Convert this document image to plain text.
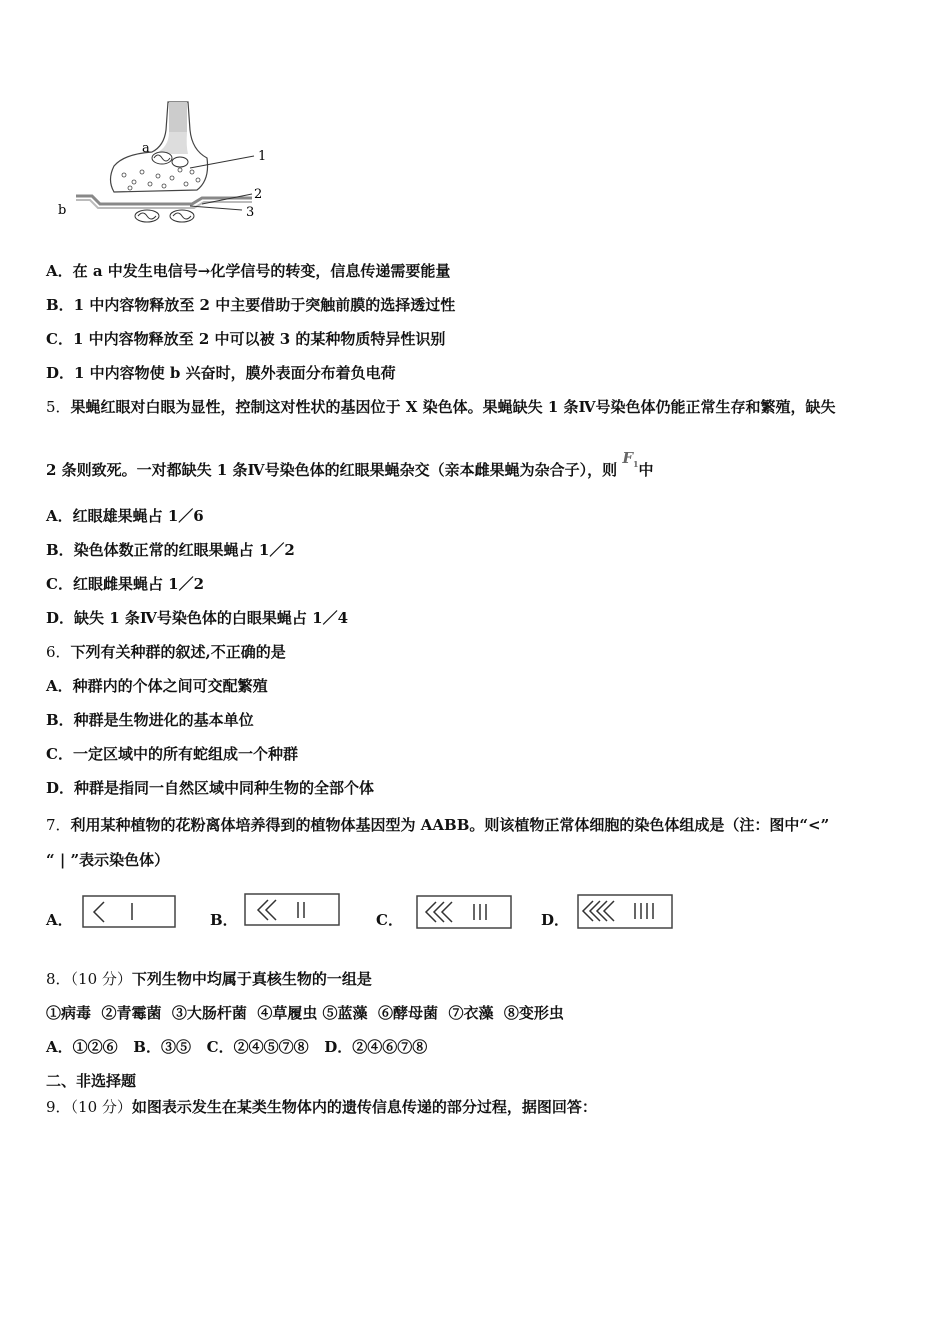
a
b
1
2
3
A．在 a 中发生电信号→化学信号的转变，信息传递需要能量
B．1 中内容物释放至 2 中主要借助于突触前膜的选择透过性
C．1 中内容物释放至 2 中可以被 3 的某种物质特异性识别
D．1 中内容物使 b 兴奋时，膜外表面分布着负电荷
5．果蝇红眼对白眼为显性，控制这对性状的基因位于 X 染色体。果蝇缺失 1 条Ⅳ号染色体仍能正常生存和繁殖，缺失
2 条则致死。一对都缺失 1 条Ⅳ号染色体的红眼果蝇杂交（亲本雌果蝇为杂合子），则 $F_1$中
A．红眼雄果蝇占 1／6
B．染色体数正常的红眼果蝇占 1／2
C．红眼雌果蝇占 1／2
D．缺失 1 条Ⅳ号染色体的白眼果蝇占 1／4
6．下列有关种群的叙述,不正确的是
A．种群内的个体之间可交配繁殖
B．种群是生物进化的基本单位
C．一定区域中的所有蛇组成一个种群
D．种群是指同一自然区域中同种生物的全部个体
7．利用某种植物的花粉离体培养得到的植物体基因型为 AABB。则该植物正常体细胞的染色体组成是（注：图中“<”
“ | ”表示染色体）
A．	B．	C．	D．
8．（10 分）下列生物中均属于真核生物的一组是
①病毒  ②青霉菌  ③大肠杆菌  ④草履虫 ⑤蓝藻  ⑥酵母菌  ⑦衣藻  ⑧变形虫
A．①②⑥   B．③⑤   C．②④⑤⑦⑧   D．②④⑥⑦⑧
二、非选择题
9．（10 分）如图表示发生在某类生物体内的遗传信息传递的部分过程，据图回答：
